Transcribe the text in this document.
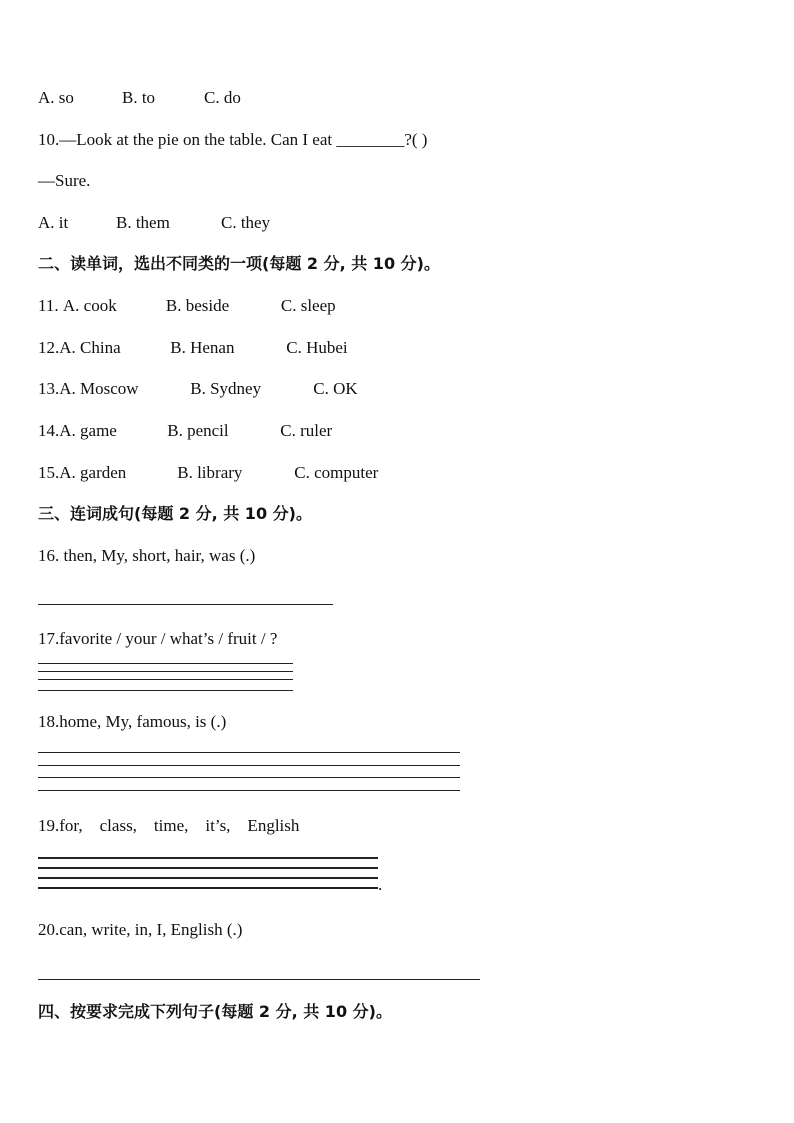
A. so	B. to	C. do
10.—Look at the pie on the table. Can I eat ________?( )
—Sure.
A. it	B. them	C. they
二、读单词，选出不同类的一项(每题 2 分, 共 10 分)。
11. A. cook	B. beside	C. sleep
12.A. China	B. Henan	C. Hubei
13.A. Moscow	B. Sydney	C. OK
14.A. game	B. pencil	C. ruler
15.A. garden	B. library	C. computer
三、连词成句(每题 2 分, 共 10 分)。
16. then, My, short, hair, was (.)
17.favorite / your / what’s / fruit / ?
18.home, My, famous, is (.)
19.for,    class,    time,    it’s,    English
.
20.can, write, in, I, English (.)
四、按要求完成下列句子(每题 2 分, 共 10 分)。
